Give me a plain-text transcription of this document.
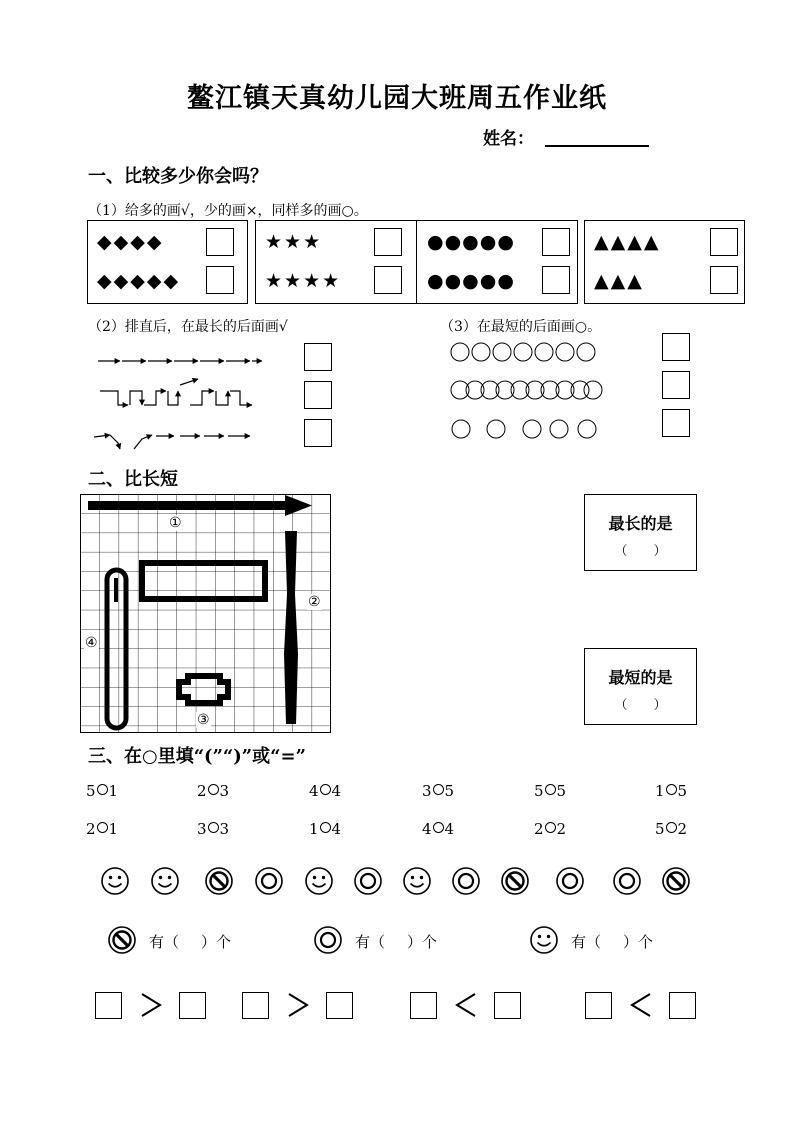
鳌江镇天真幼儿园大班周五作业纸
姓名：
一、比较多少你会吗？
（1）给多的画√，少的画×，同样多的画○。
◆◆◆◆
◆◆◆◆◆
★★★
★★★★
●●●●●
●●●●●
▲▲▲▲
▲▲▲
（2）排直后，在最长的后面画√	（3）在最短的后面画○。
二、比长短
①
②
③
④
最长的是
（　　）
最短的是
（　　）
三、在○里填“(”“)”或“=”
5 1	2 3	4 4	3 5	5 5	1 5
2 1	3 3	1 4	4 4	2 2	5 2
有（ ）个	有（ ）个	有（ ）个
